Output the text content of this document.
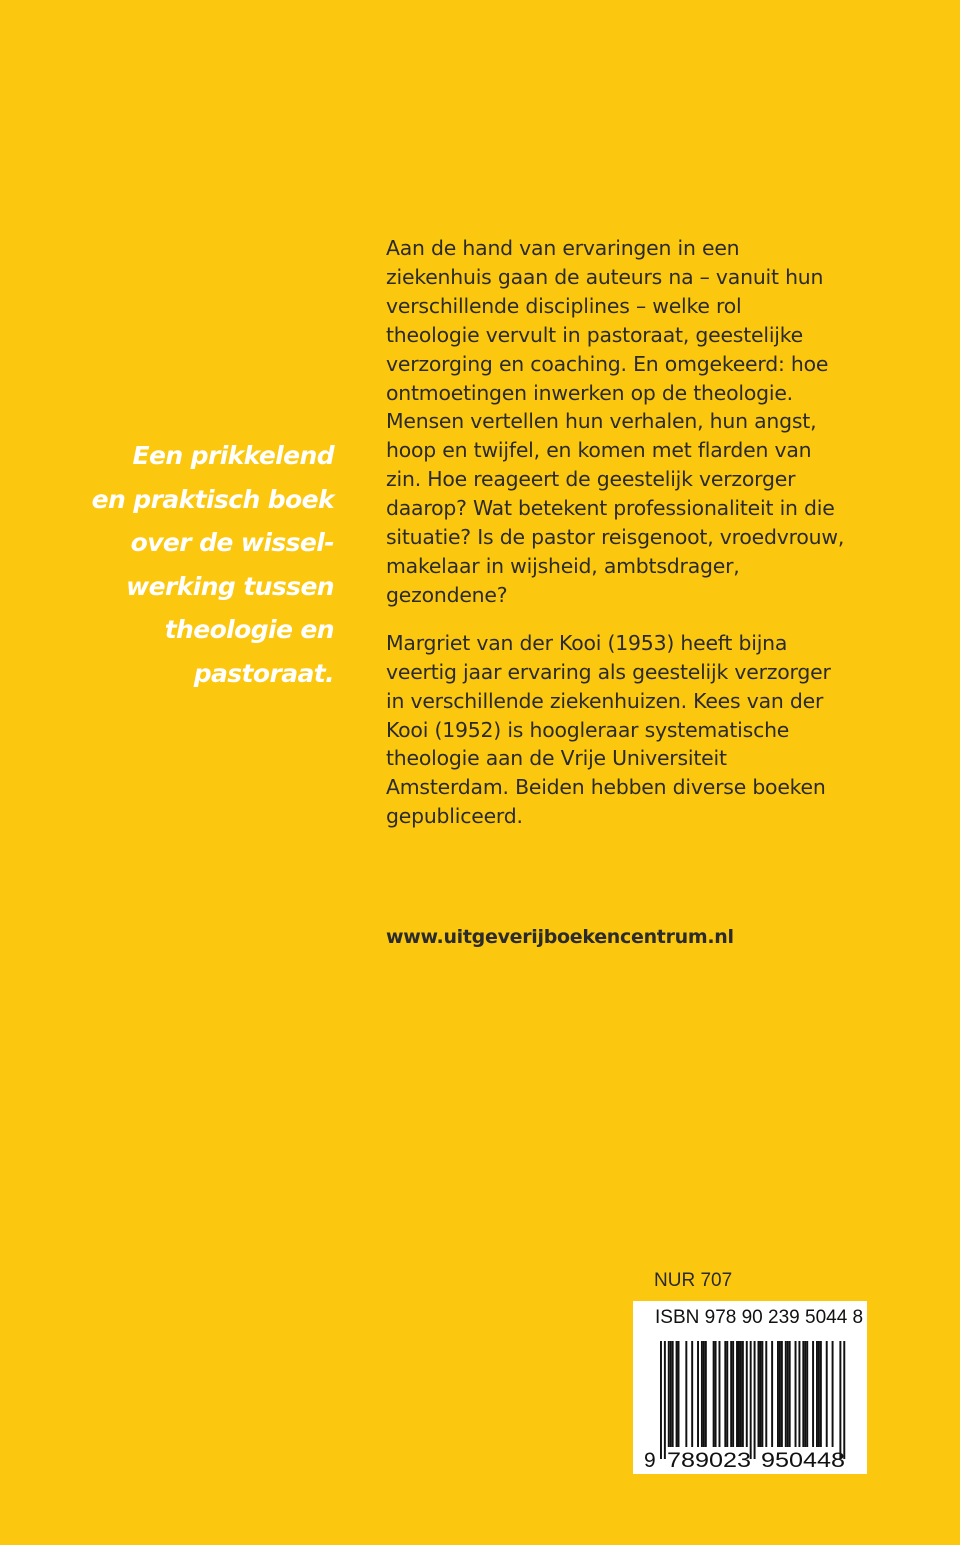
Een prikkelend
en praktisch boek
over de wissel-
werking tussen
theologie en
pastoraat.

Aan de hand van ervaringen in een
ziekenhuis gaan de auteurs na – vanuit hun
verschillende disciplines – welke rol
theologie vervult in pastoraat, geestelijke
verzorging en coaching. En omgekeerd: hoe
ontmoetingen inwerken op de theologie.
Mensen vertellen hun verhalen, hun angst,
hoop en twijfel, en komen met flarden van
zin. Hoe reageert de geestelijk verzorger
daarop? Wat betekent professionaliteit in die
situatie? Is de pastor reisgenoot, vroedvrouw,
makelaar in wijsheid, ambtsdrager,
gezondene?

Margriet van der Kooi (1953) heeft bijna
veertig jaar ervaring als geestelijk verzorger
in verschillende ziekenhuizen. Kees van der
Kooi (1952) is hoogleraar systematische
theologie aan de Vrije Universiteit
Amsterdam. Beiden hebben diverse boeken
gepubliceerd.

www.uitgeverijboekencentrum.nl
NUR 707
9 789023 950448
ISBN 978 90 239 5044 8
